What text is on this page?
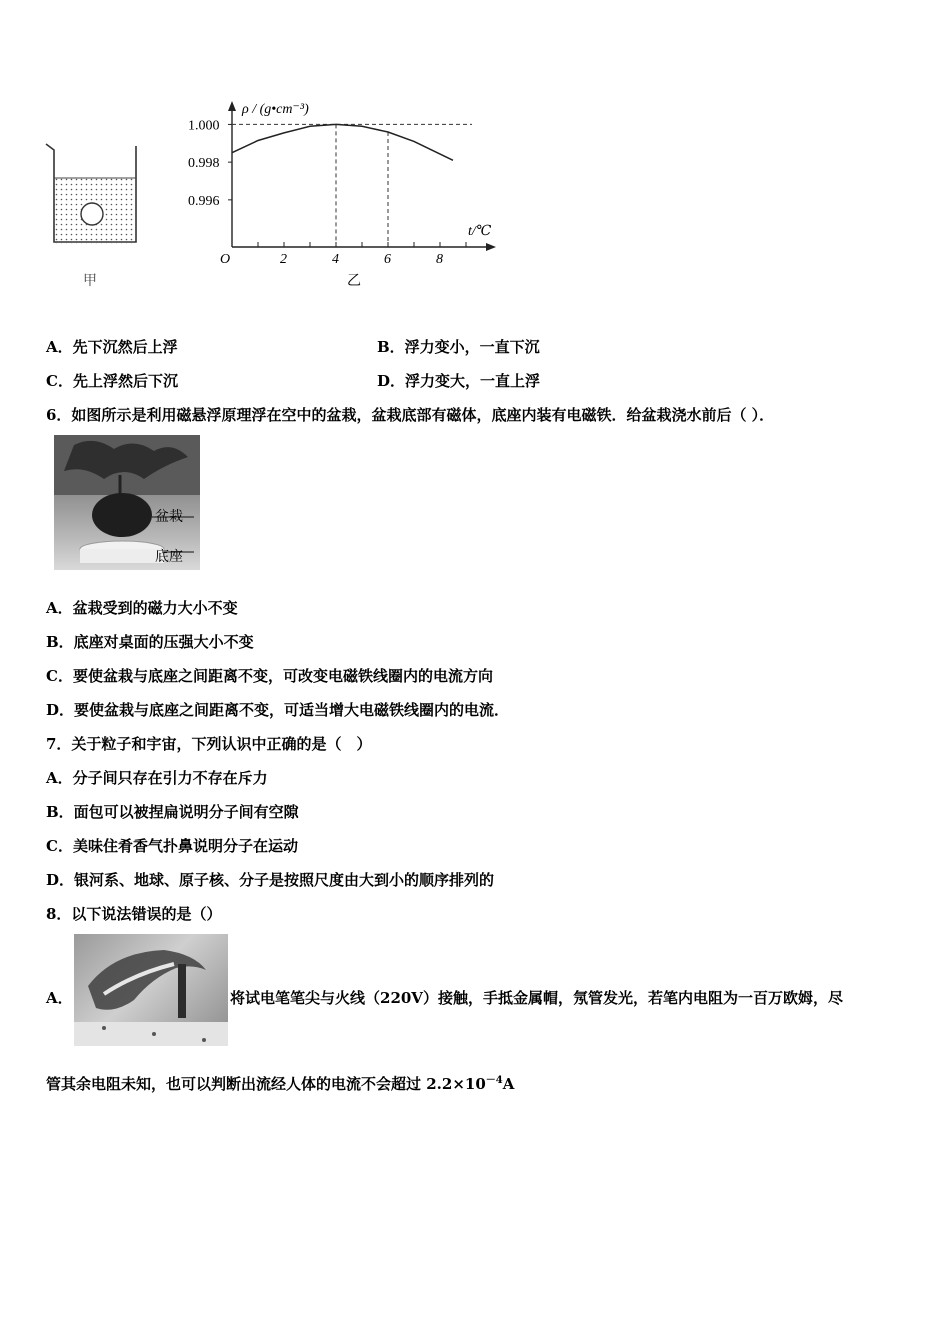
甲
2	4	6	8
1.000
0.998
0.996
ρ / (g•cm⁻³)
t/℃
O
乙
A．先下沉然后上浮	B．浮力变小，一直下沉
C．先上浮然后下沉	D．浮力变大，一直上浮
6．如图所示是利用磁悬浮原理浮在空中的盆栽，盆栽底部有磁体，底座内装有电磁铁．给盆栽浇水前后（ ）．
盆栽
底座
A．盆栽受到的磁力大小不变
B．底座对桌面的压强大小不变
C．要使盆栽与底座之间距离不变，可改变电磁铁线圈内的电流方向
D．要使盆栽与底座之间距离不变，可适当增大电磁铁线圈内的电流．
7．关于粒子和宇宙，下列认识中正确的是（　）
A．分子间只存在引力不存在斥力
B．面包可以被捏扁说明分子间有空隙
C．美味住肴香气扑鼻说明分子在运动
D．银河系、地球、原子核、分子是按照尺度由大到小的顺序排列的
8．以下说法错误的是（）
A．	将试电笔笔尖与火线（220V）接触，手抵金属帽，氖管发光，若笔内电阻为一百万欧姆，尽
管其余电阻未知，也可以判断出流经人体的电流不会超过 $2.2\times 10^{-4}A$
